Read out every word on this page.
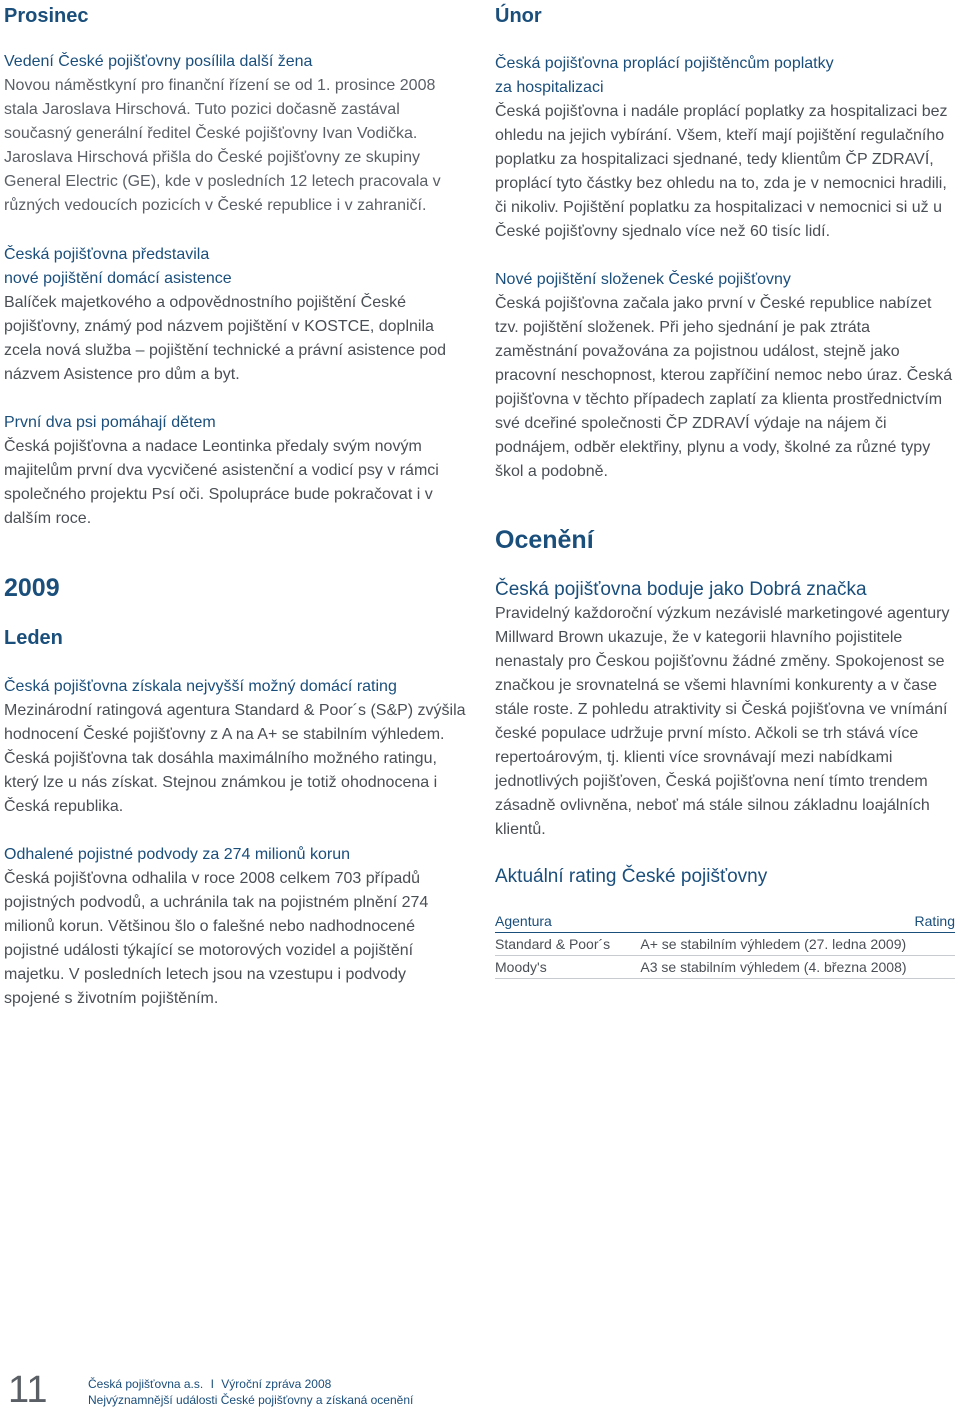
Prosinec
Vedení České pojišťovny posílila další žena

Novou náměstkyní pro finanční řízení se od 1. prosince 2008 stala Jaroslava Hirschová. Tuto pozici dočasně zastával současný generální ředitel České pojišťovny Ivan Vodička. Jaroslava Hirschová přišla do České pojišťovny ze skupiny General Electric (GE), kde v posledních 12 letech pracovala v různých vedoucích pozicích v České republice i v zahraničí.

Česká pojišťovna představila
nové pojištění domácí asistence

Balíček majetkového a odpovědnostního pojištění České pojišťovny, známý pod názvem pojištění v KOSTCE, doplnila zcela nová služba – pojištění technické a právní asistence pod názvem Asistence pro dům a byt.

První dva psi pomáhají dětem

Česká pojišťovna a nadace Leontinka předaly svým novým majitelům první dva vycvičené asistenční a vodicí psy v rámci společného projektu Psí oči. Spolupráce bude pokračovat i v dalším roce.

2009
Leden
Česká pojišťovna získala nejvyšší možný domácí rating

Mezinárodní ratingová agentura Standard & Poor´s (S&P) zvýšila hodnocení České pojišťovny z A na A+ se stabilním výhledem. Česká pojišťovna tak dosáhla maximálního možného ratingu, který lze u nás získat. Stejnou známkou je totiž ohodnocena i Česká republika.

Odhalené pojistné podvody za 274 milionů korun

Česká pojišťovna odhalila v roce 2008 celkem 703 případů pojistných podvodů, a uchránila tak na pojistném plnění 274 milionů korun. Většinou šlo o falešné nebo nadhodnocené pojistné události týkající se motorových vozidel a pojištění majetku. V posledních letech jsou na vzestupu i podvody spojené s životním pojištěním.

Únor
Česká pojišťovna proplácí pojištěncům poplatky
za hospitalizaci

Česká pojišťovna i nadále proplácí poplatky za hospitalizaci bez ohledu na jejich vybírání. Všem, kteří mají pojištění regulačního poplatku za hospitalizaci sjednané, tedy klientům ČP ZDRAVÍ, proplácí tyto částky bez ohledu na to, zda je v nemocnici hradili, či nikoliv. Pojištění poplatku za hospitalizaci v nemocnici si už u České pojišťovny sjednalo více než 60 tisíc lidí.

Nové pojištění složenek České pojišťovny

Česká pojišťovna začala jako první v České republice nabízet tzv. pojištění složenek. Při jeho sjednání je pak ztráta zaměstnání považována za pojistnou událost, stejně jako pracovní neschopnost, kterou zapříčiní nemoc nebo úraz. Česká pojišťovna v těchto případech zaplatí za klienta prostřednictvím své dceřiné společnosti ČP ZDRAVÍ výdaje na nájem či podnájem, odběr elektřiny, plynu a vody, školné za různé typy škol a podobně.

Ocenění
Česká pojišťovna boduje jako Dobrá značka

Pravidelný každoroční výzkum nezávislé marketingové agentury Millward Brown ukazuje, že v kategorii hlavního pojistitele nenastaly pro Českou pojišťovnu žádné změny. Spokojenost se značkou je srovnatelná se všemi hlavními konkurenty a v čase stále roste. Z pohledu atraktivity si Česká pojišťovna ve vnímání české populace udržuje první místo. Ačkoli se trh stává více repertoárovým, tj. klienti více srovnávají mezi nabídkami jednotlivých pojišťoven, Česká pojišťovna není tímto trendem zásadně ovlivněna, neboť má stále silnou základnu loajálních klientů.

Aktuální rating České pojišťovny
Agentura	Rating
Standard & Poor´s	A+ se stabilním výhledem (27. ledna 2009)
Moody's	A3 se stabilním výhledem (4. března 2008)
11	Česká pojišťovna a.s. I Výroční zpráva 2008
Nejvýznamnější události České pojišťovny a získaná ocenění
